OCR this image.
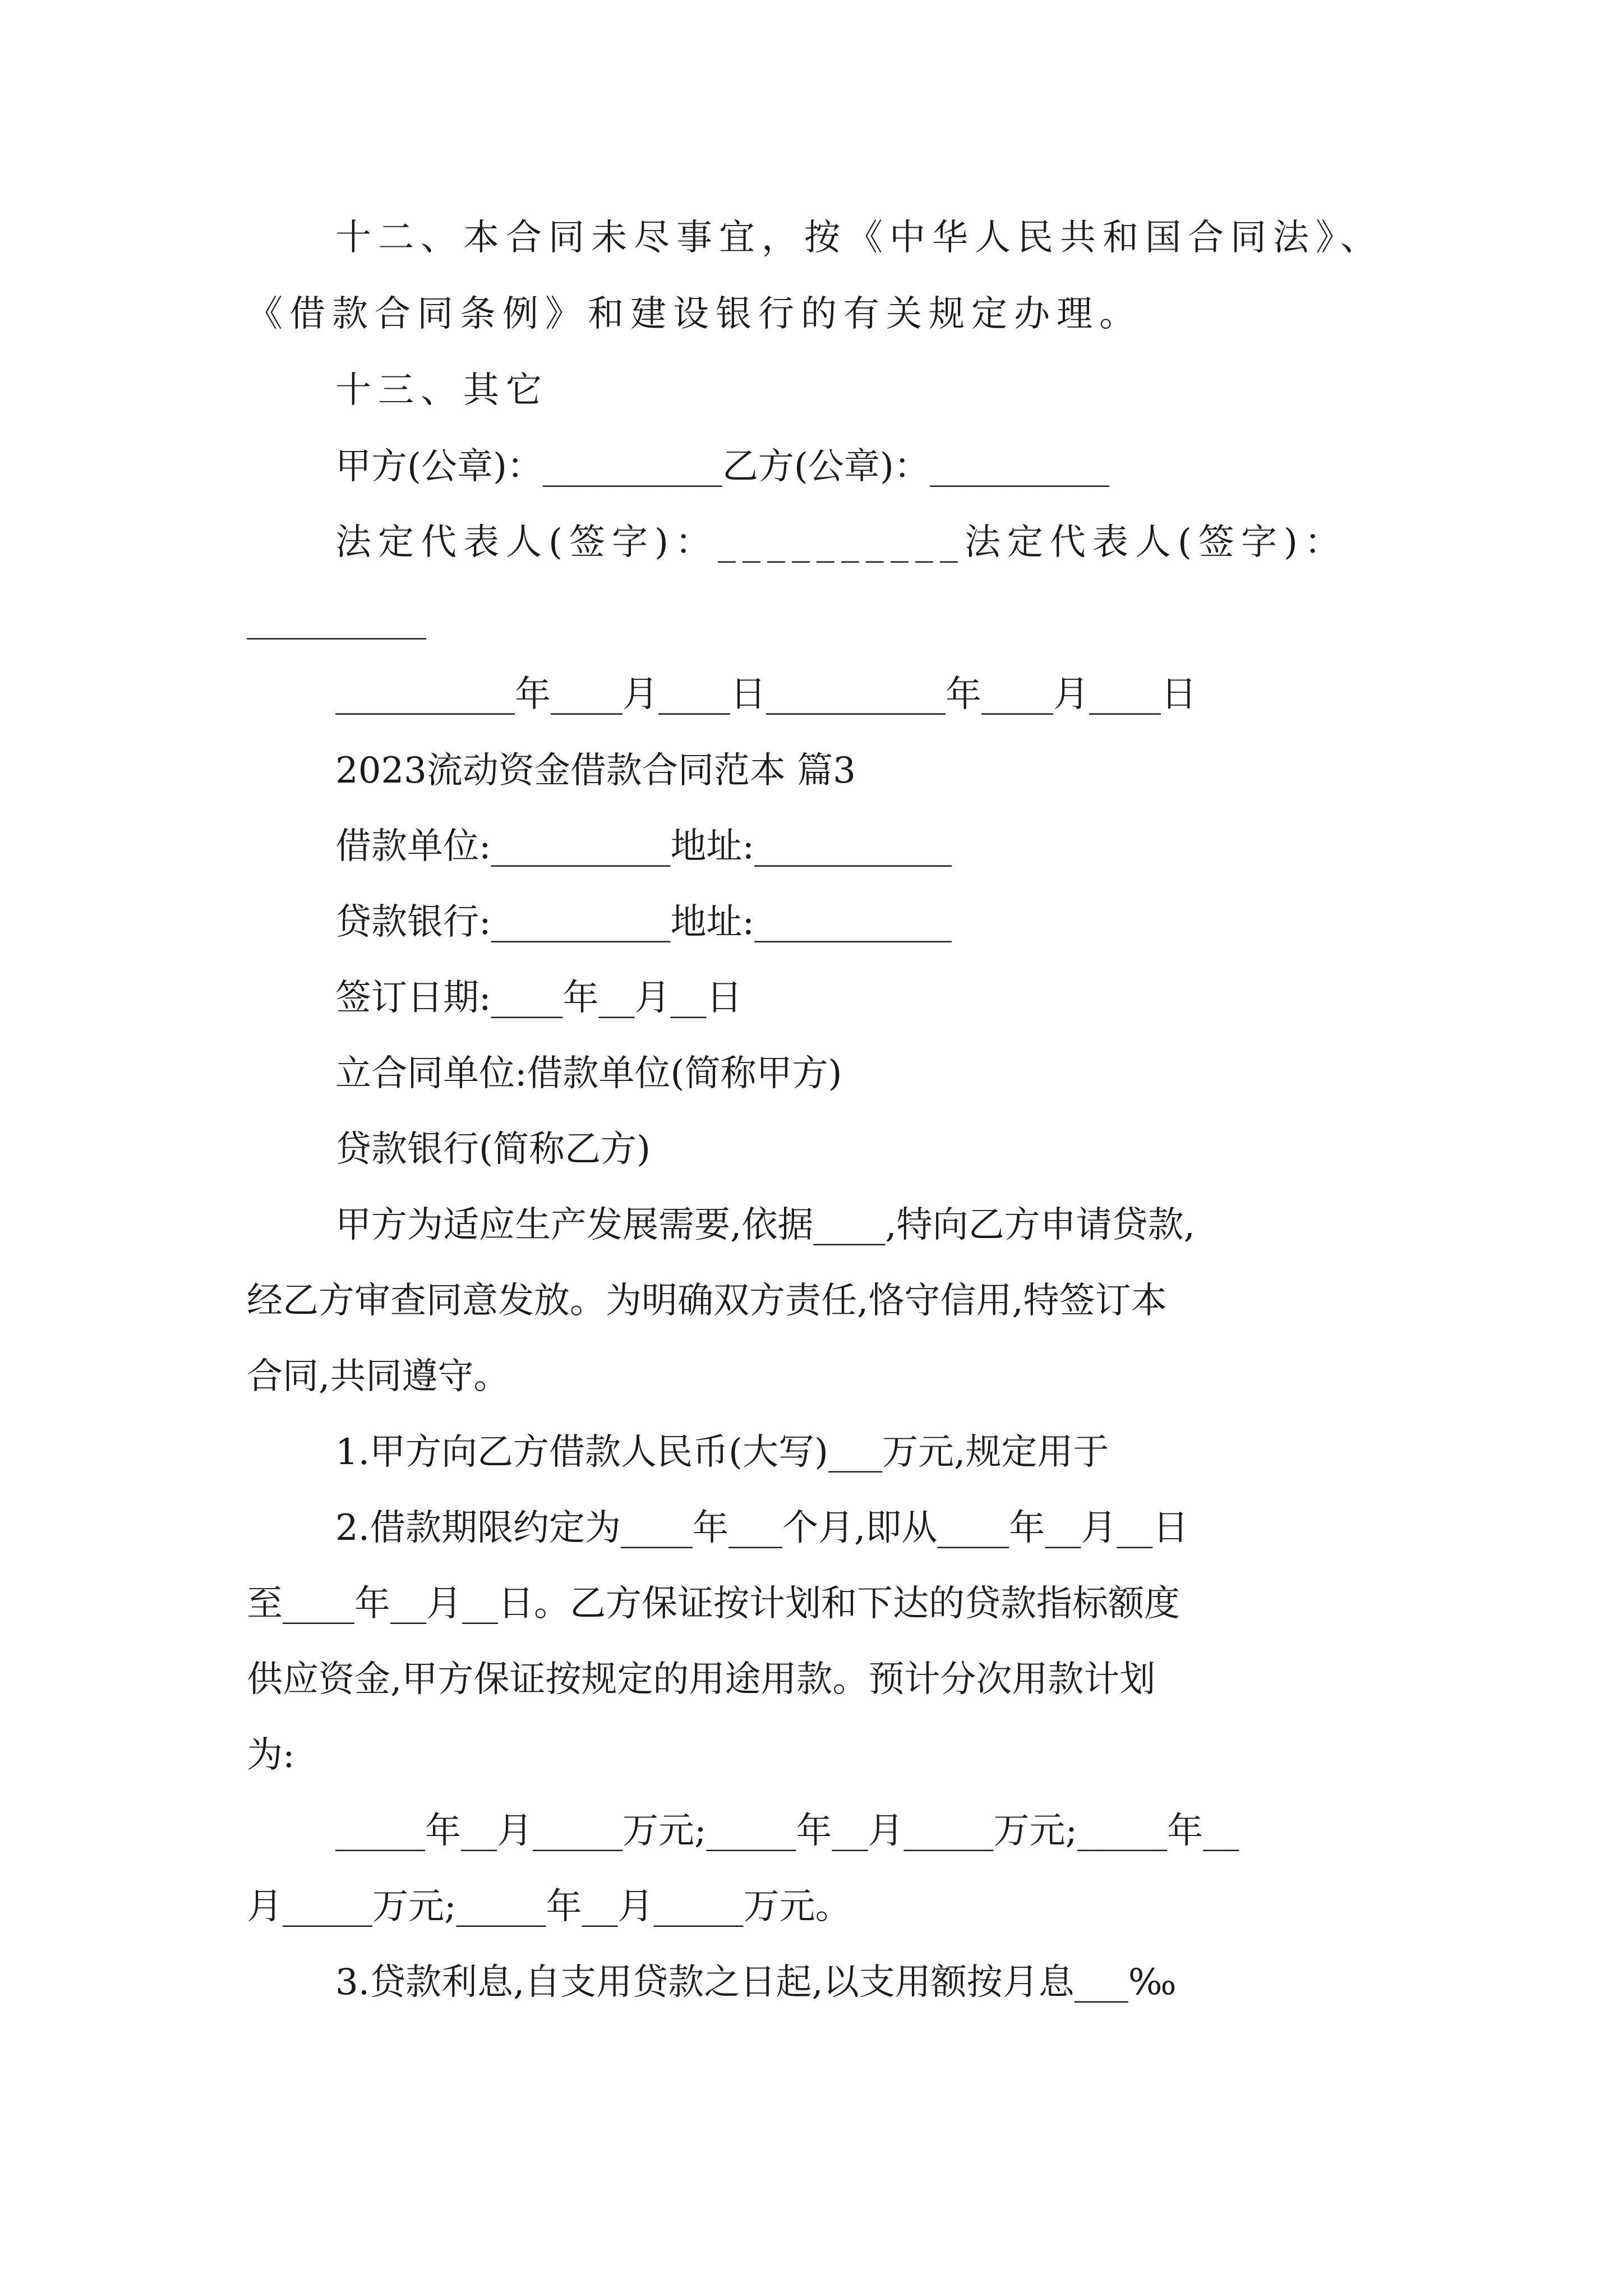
十二、本合同未尽事宜，按《中华人民共和国合同法》、
《借款合同条例》和建设银行的有关规定办理。
十三、其它
甲方(公章)：__________乙方(公章)：__________
法定代表人(签字)：__________法定代表人(签字)：
__________
__________年____月____日__________年____月____日
2023流动资金借款合同范本 篇3
借款单位:__________地址:___________
贷款银行:__________地址:___________
签订日期:____年__月__日
立合同单位:借款单位(简称甲方)
贷款银行(简称乙方)
甲方为适应生产发展需要,依据____,特向乙方申请贷款,
经乙方审查同意发放。为明确双方责任,恪守信用,特签订本
合同,共同遵守。
1.甲方向乙方借款人民币(大写)___万元,规定用于
2.借款期限约定为____年___个月,即从____年__月__日
至____年__月__日。乙方保证按计划和下达的贷款指标额度
供应资金,甲方保证按规定的用途用款。预计分次用款计划
为:
_____年__月_____万元;_____年__月_____万元;_____年__
月_____万元;_____年__月_____万元。
3.贷款利息,自支用贷款之日起,以支用额按月息___‰
